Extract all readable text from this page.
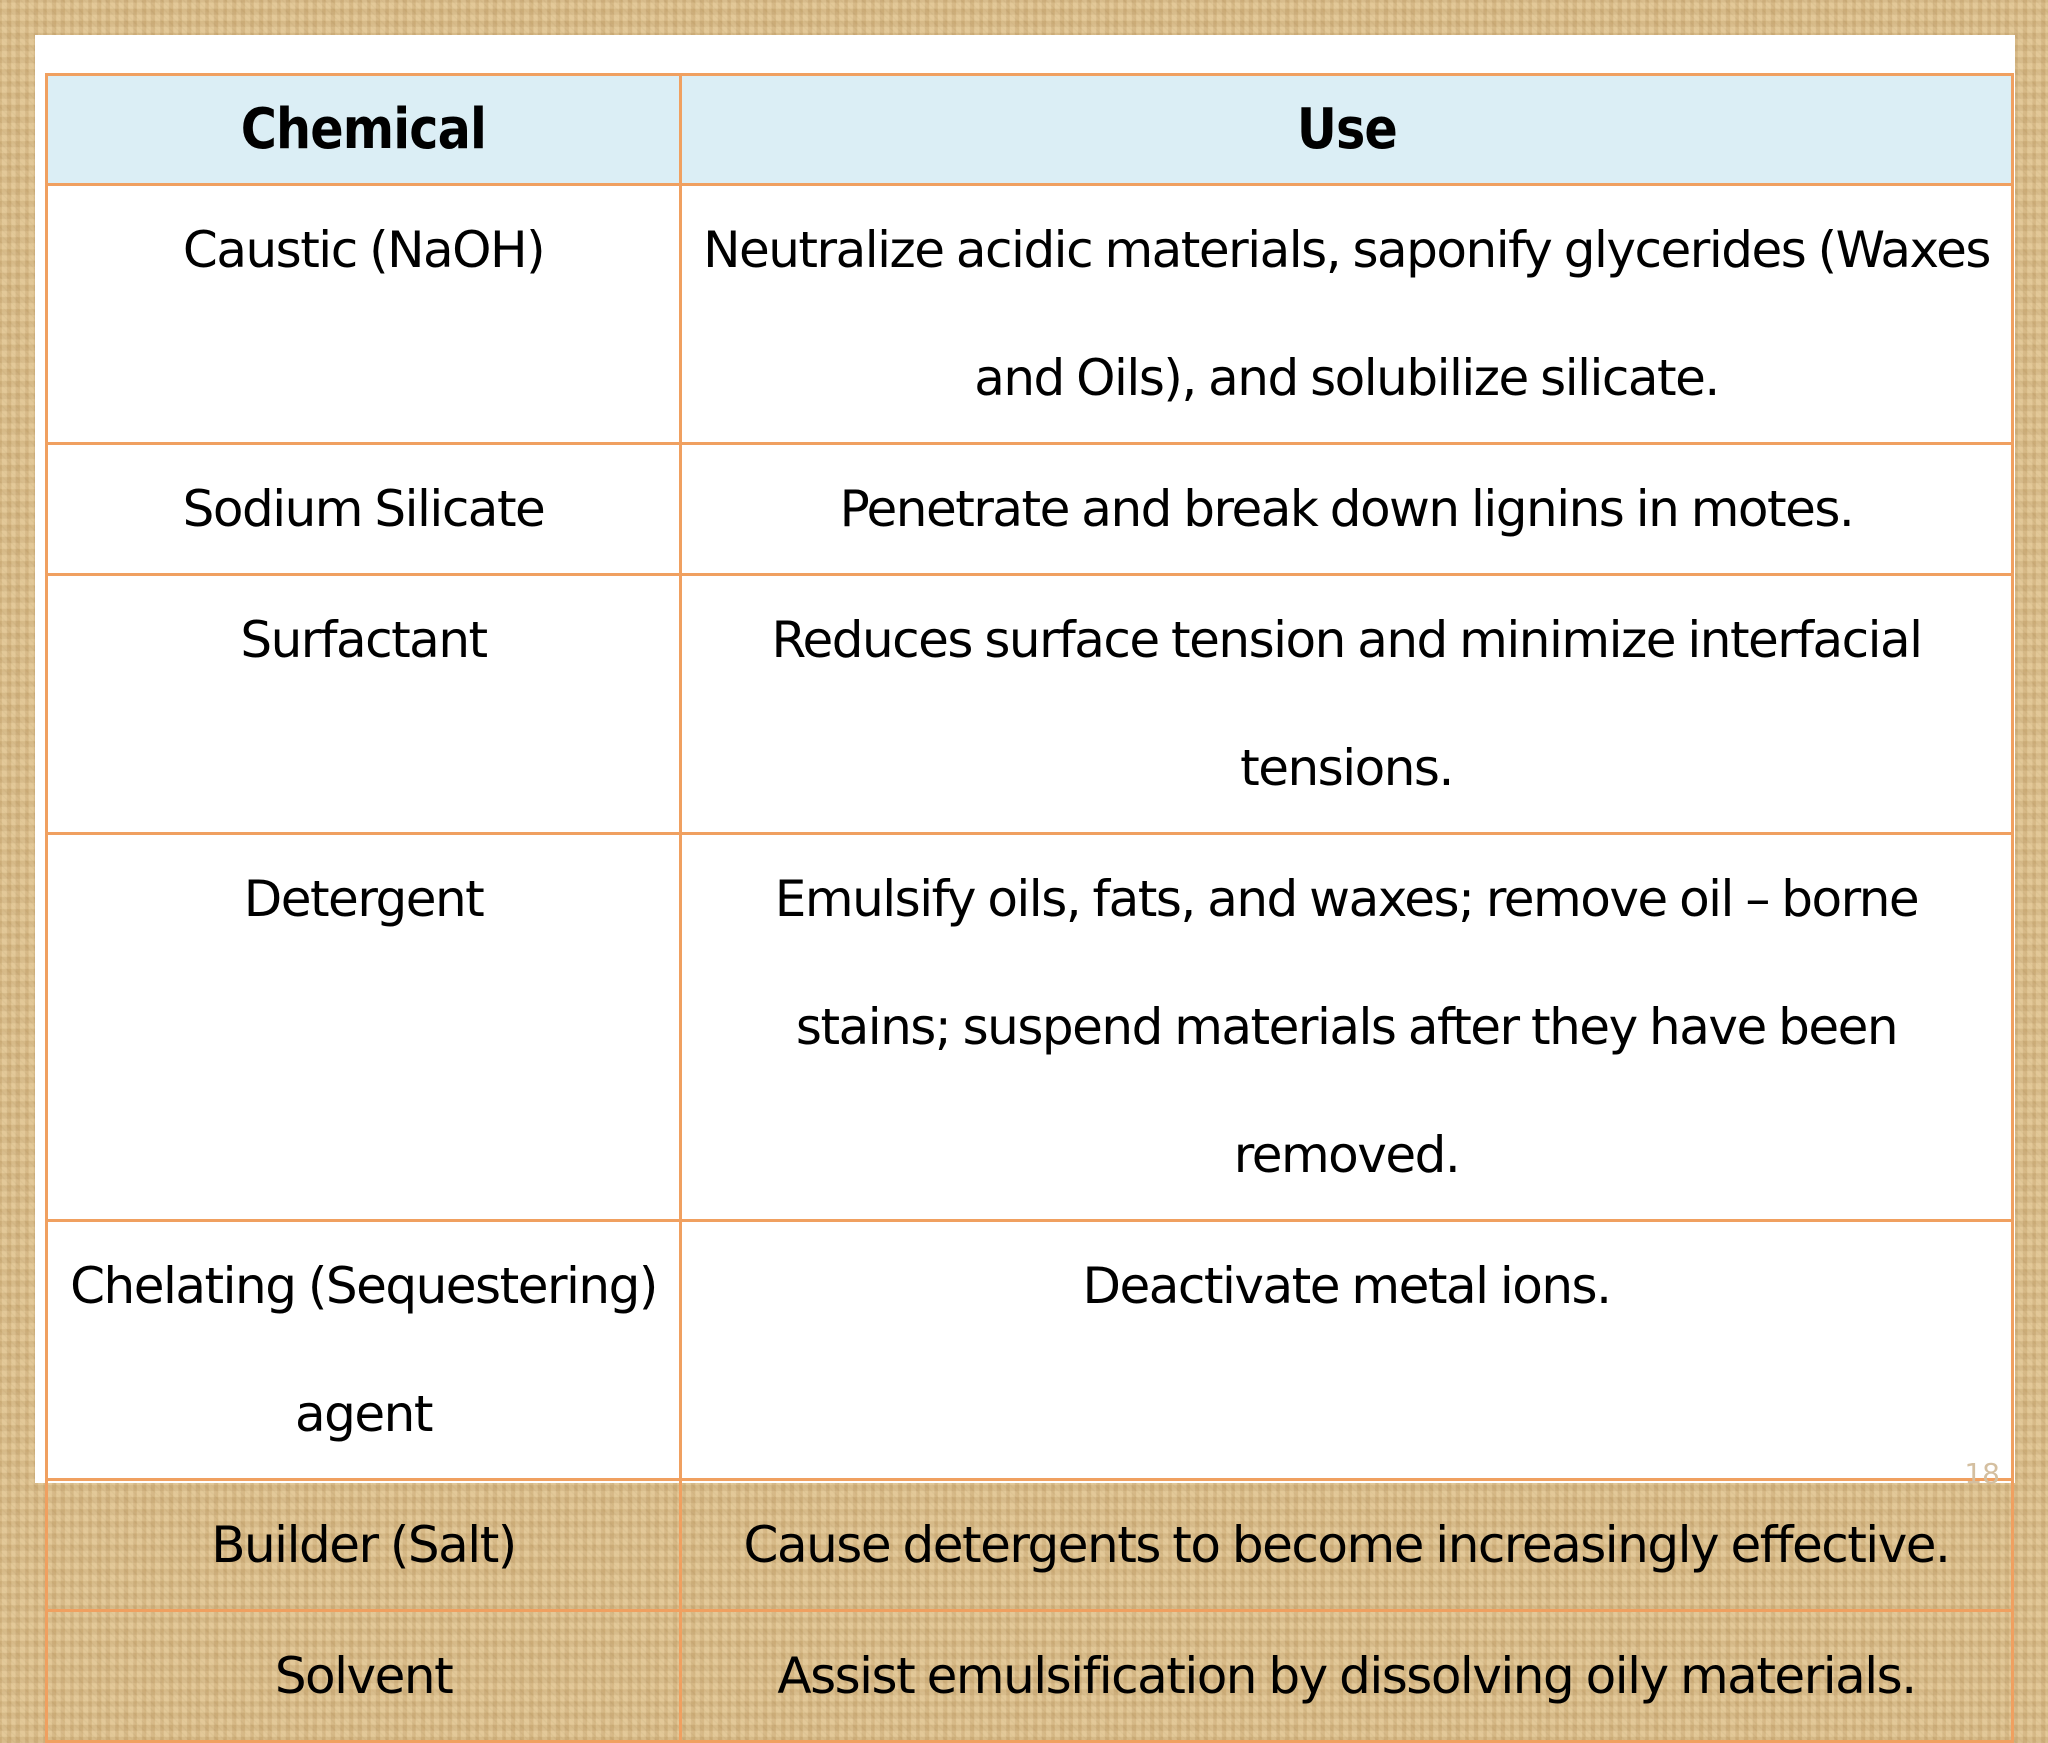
Chemical	Use

Caustic (NaOH)	Neutralize acidic materials, saponify glycerides (Waxes and Oils), and solubilize silicate.

Sodium Silicate	Penetrate and break down lignins in motes.

Surfactant	Reduces surface tension and minimize interfacial tensions.

Detergent	Emulsify oils, fats, and waxes; remove oil – borne stains; suspend materials after they have been removed.

Chelating (Sequestering) agent	Deactivate metal ions.

Builder (Salt)	Cause detergents to become increasingly effective.

Solvent	Assist emulsification by dissolving oily materials.
18
